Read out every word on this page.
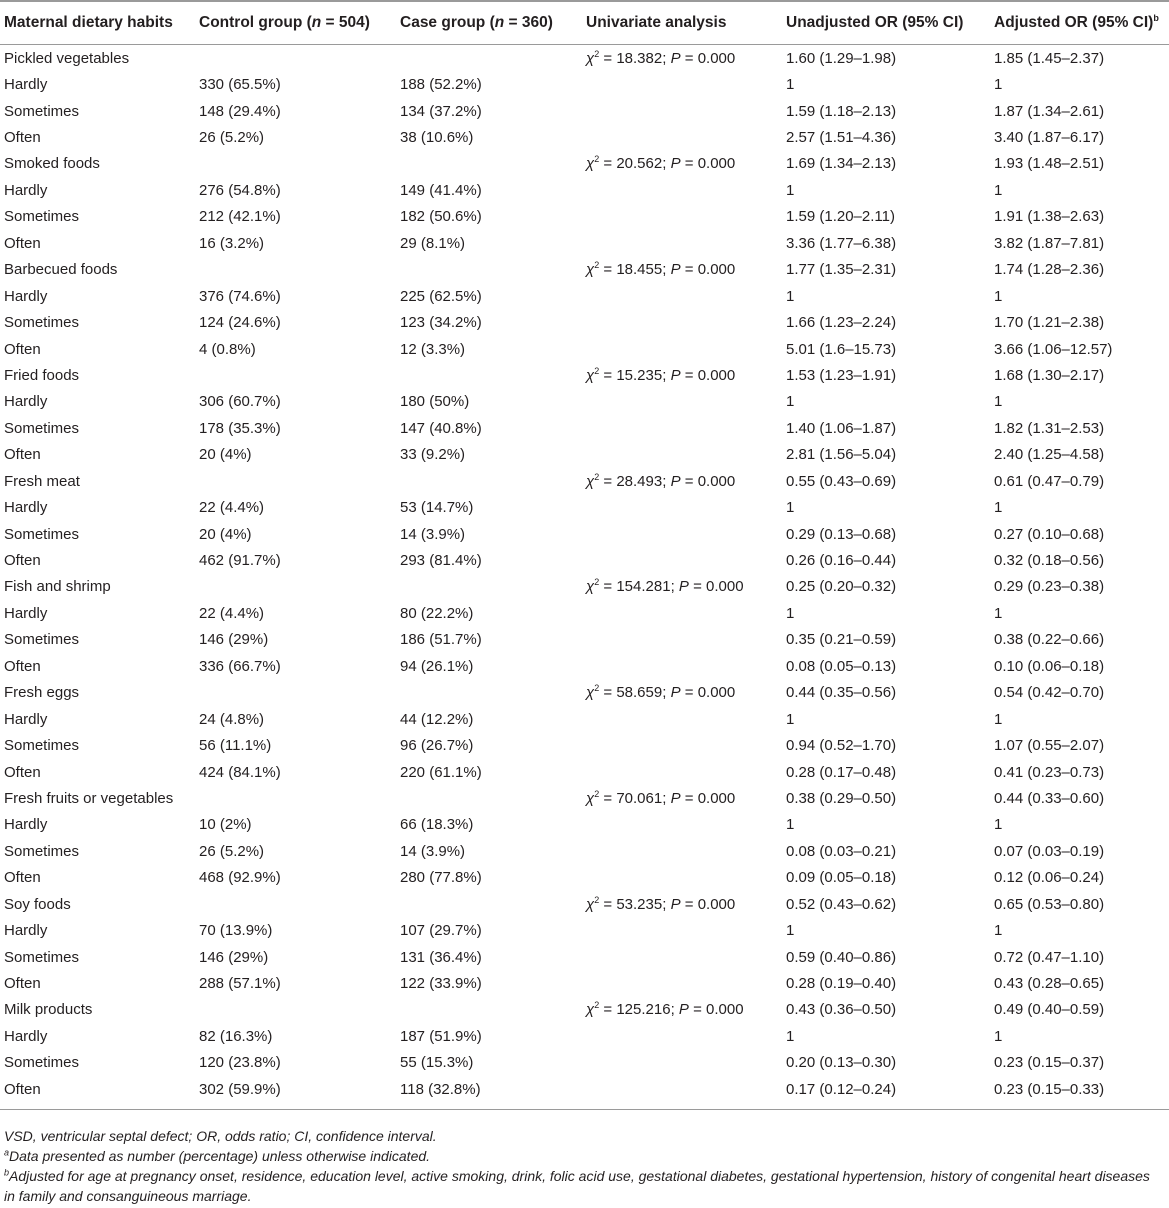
Maternal dietary habits	Control group (n = 504)	Case group (n = 360)	Univariate analysis	Unadjusted OR (95% CI)	Adjusted OR (95% CI)$^b$
Pickled vegetables			$\chi^2 = 18.382$; P = 0.000	1.60 (1.29–1.98)	1.85 (1.45–2.37)
Hardly	330 (65.5%)	188 (52.2%)		1	1
Sometimes	148 (29.4%)	134 (37.2%)		1.59 (1.18–2.13)	1.87 (1.34–2.61)
Often	26 (5.2%)	38 (10.6%)		2.57 (1.51–4.36)	3.40 (1.87–6.17)
Smoked foods			$\chi^2 = 20.562$; P = 0.000	1.69 (1.34–2.13)	1.93 (1.48–2.51)
Hardly	276 (54.8%)	149 (41.4%)		1	1
Sometimes	212 (42.1%)	182 (50.6%)		1.59 (1.20–2.11)	1.91 (1.38–2.63)
Often	16 (3.2%)	29 (8.1%)		3.36 (1.77–6.38)	3.82 (1.87–7.81)
Barbecued foods			$\chi^2 = 18.455$; P = 0.000	1.77 (1.35–2.31)	1.74 (1.28–2.36)
Hardly	376 (74.6%)	225 (62.5%)		1	1
Sometimes	124 (24.6%)	123 (34.2%)		1.66 (1.23–2.24)	1.70 (1.21–2.38)
Often	4 (0.8%)	12 (3.3%)		5.01 (1.6–15.73)	3.66 (1.06–12.57)
Fried foods			$\chi^2 = 15.235$; P = 0.000	1.53 (1.23–1.91)	1.68 (1.30–2.17)
Hardly	306 (60.7%)	180 (50%)		1	1
Sometimes	178 (35.3%)	147 (40.8%)		1.40 (1.06–1.87)	1.82 (1.31–2.53)
Often	20 (4%)	33 (9.2%)		2.81 (1.56–5.04)	2.40 (1.25–4.58)
Fresh meat			$\chi^2 = 28.493$; P = 0.000	0.55 (0.43–0.69)	0.61 (0.47–0.79)
Hardly	22 (4.4%)	53 (14.7%)		1	1
Sometimes	20 (4%)	14 (3.9%)		0.29 (0.13–0.68)	0.27 (0.10–0.68)
Often	462 (91.7%)	293 (81.4%)		0.26 (0.16–0.44)	0.32 (0.18–0.56)
Fish and shrimp			$\chi^2 = 154.281$; P = 0.000	0.25 (0.20–0.32)	0.29 (0.23–0.38)
Hardly	22 (4.4%)	80 (22.2%)		1	1
Sometimes	146 (29%)	186 (51.7%)		0.35 (0.21–0.59)	0.38 (0.22–0.66)
Often	336 (66.7%)	94 (26.1%)		0.08 (0.05–0.13)	0.10 (0.06–0.18)
Fresh eggs			$\chi^2 = 58.659$; P = 0.000	0.44 (0.35–0.56)	0.54 (0.42–0.70)
Hardly	24 (4.8%)	44 (12.2%)		1	1
Sometimes	56 (11.1%)	96 (26.7%)		0.94 (0.52–1.70)	1.07 (0.55–2.07)
Often	424 (84.1%)	220 (61.1%)		0.28 (0.17–0.48)	0.41 (0.23–0.73)
Fresh fruits or vegetables			$\chi^2 = 70.061$; P = 0.000	0.38 (0.29–0.50)	0.44 (0.33–0.60)
Hardly	10 (2%)	66 (18.3%)		1	1
Sometimes	26 (5.2%)	14 (3.9%)		0.08 (0.03–0.21)	0.07 (0.03–0.19)
Often	468 (92.9%)	280 (77.8%)		0.09 (0.05–0.18)	0.12 (0.06–0.24)
Soy foods			$\chi^2 = 53.235$; P = 0.000	0.52 (0.43–0.62)	0.65 (0.53–0.80)
Hardly	70 (13.9%)	107 (29.7%)		1	1
Sometimes	146 (29%)	131 (36.4%)		0.59 (0.40–0.86)	0.72 (0.47–1.10)
Often	288 (57.1%)	122 (33.9%)		0.28 (0.19–0.40)	0.43 (0.28–0.65)
Milk products			$\chi^2 = 125.216$; P = 0.000	0.43 (0.36–0.50)	0.49 (0.40–0.59)
Hardly	82 (16.3%)	187 (51.9%)		1	1
Sometimes	120 (23.8%)	55 (15.3%)		0.20 (0.13–0.30)	0.23 (0.15–0.37)
Often	302 (59.9%)	118 (32.8%)		0.17 (0.12–0.24)	0.23 (0.15–0.33)
VSD, ventricular septal defect; OR, odds ratio; CI, confidence interval.
$^a$Data presented as number (percentage) unless otherwise indicated.
$^b$Adjusted for age at pregnancy onset, residence, education level, active smoking, drink, folic acid use, gestational diabetes, gestational hypertension, history of congenital heart diseases
in family and consanguineous marriage.
